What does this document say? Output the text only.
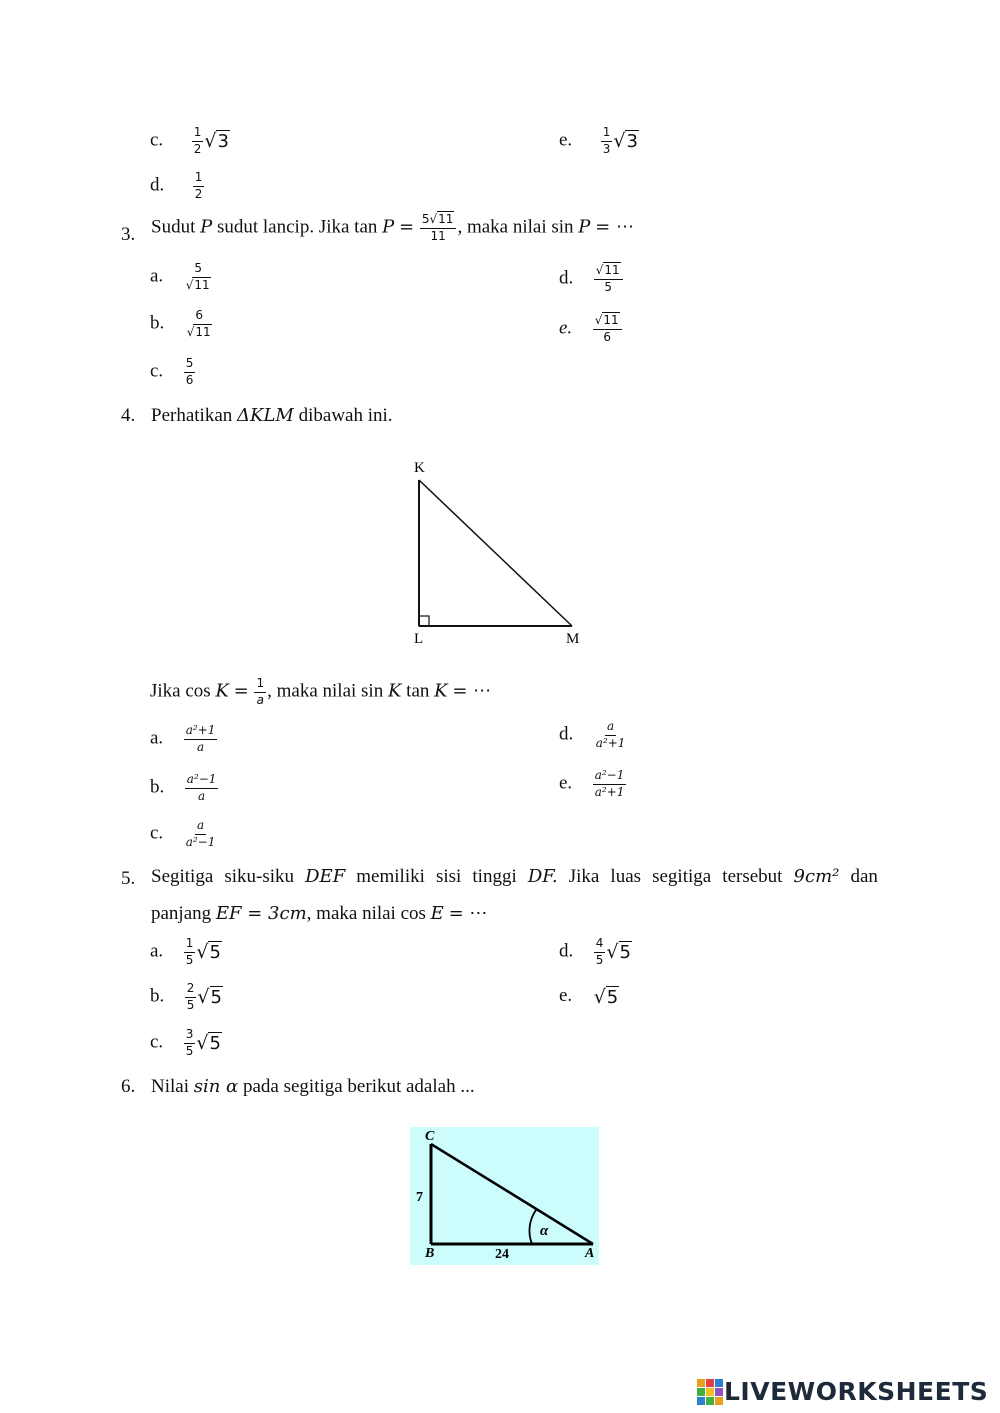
c. $\frac{1}{2} √3$	e. $\frac{1}{3} √3$
d. $\frac{1}{2}$
3. Sudut P sudut lancip. Jika $\tan P = \frac{5√11}{11}$ , maka nilai sin P = ⋯
a. $\frac{5}{√11}$	d. $\frac{√11}{5}$
b. $\frac{6}{√11}$	e. $\frac{√11}{6}$
c. $\frac{5}{6}$
4. Perhatikan ΔKLM dibawah ini.
K
L	M
Jika $\cos K = \frac{1}{a}$ , maka nilai sin K tan K = ⋯
a. $\frac{\text{a²+1}}{a}$	d. $\frac{a}{\text{a²+1}}$
b. $\frac{\text{a²−1}}{a}$	e. $\frac{\text{a²−1}}{\text{a²+1}}$
c. $\frac{a}{\text{a²−1}}$
5. Segitiga siku-siku DEF memiliki sisi tinggi DF. Jika luas segitiga tersebut 9cm² dan
panjang EF = 3cm, maka nilai cos E = ⋯
a. $\frac{1}{5} √5$	d. $\frac{4}{5} √5$
b. $\frac{2}{5} √5$	e. √5
c. $\frac{3}{5} √5$
6. Nilai sin α pada segitiga berikut adalah ...
C
B	A
7
24
α
LIVEWORKSHEETS
